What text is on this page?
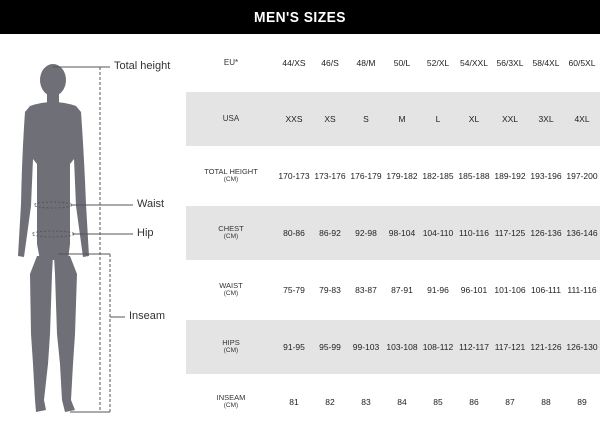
MEN'S SIZES
Total height
Waist
Hip
Inseam
EU*	44/XS	46/S	48/M	50/L	52/XL	54/XXL	56/3XL	58/4XL	60/5XL
USA	XXS	XS	S	M	L	XL	XXL	3XL	4XL
TOTAL HEIGHT
(CM)	170-173 173-176 176-179 179-182 182-185 185-188 189-192 193-196 197-200
CHEST
(CM)	80-86	86-92	92-98	98-104 104-110 110-116 117-125 126-136 136-146
WAIST
(CM)	75-79	79-83	83-87	87-91	91-96	96-101 101-106 106-111 111-116
HIPS
(CM)	91-95	95-99	99-103 103-108 108-112 112-117 117-121 121-126 126-130
INSEAM
(CM)	81	82	83	84	85	86	87	88	89
